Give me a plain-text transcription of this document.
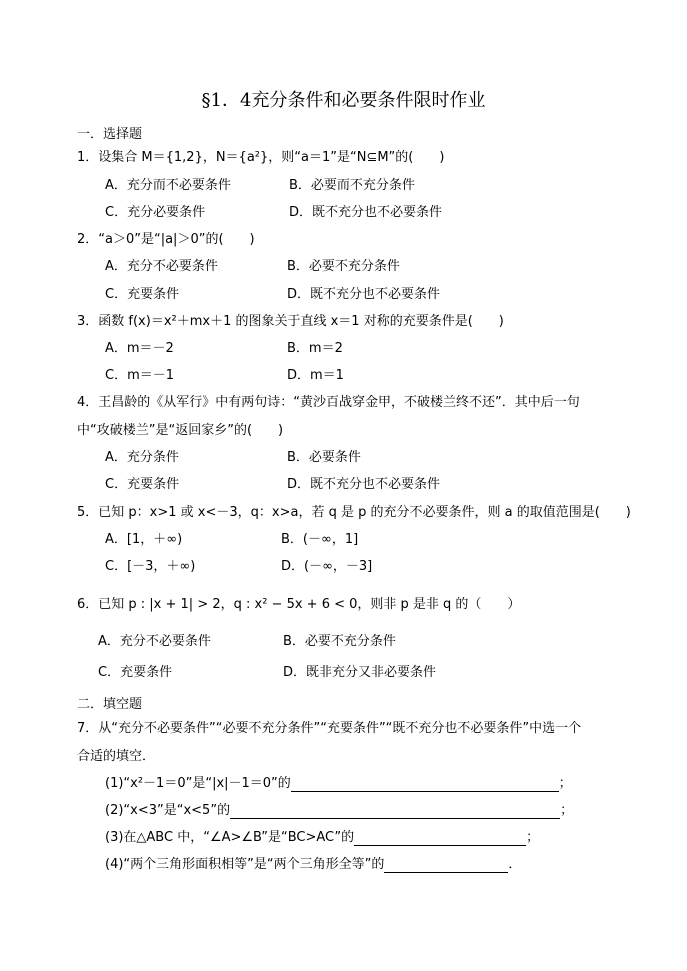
§1．4充分条件和必要条件限时作业
一．选择题
1．设集合 M＝{1,2}，N＝{a²}，则“a＝1”是“N⊆M”的(　　)
A．充分而不必要条件	B．必要而不充分条件
C．充分必要条件	D．既不充分也不必要条件
2．“a＞0”是“|a|＞0”的(　　)
A．充分不必要条件	B．必要不充分条件
C．充要条件	D．既不充分也不必要条件
3．函数 f(x)＝x²＋mx＋1 的图象关于直线 x＝1 对称的充要条件是(　　)
A．m＝－2	B．m＝2
C．m＝－1	D．m＝1
4．王昌龄的《从军行》中有两句诗：“黄沙百战穿金甲，不破楼兰终不还”．其中后一句
中“攻破楼兰”是“返回家乡”的(　　)
A．充分条件	B．必要条件
C．充要条件	D．既不充分也不必要条件
5．已知 p：x>1 或 x<－3，q：x>a，若 q 是 p 的充分不必要条件，则 a 的取值范围是(　　)
A．[1，＋∞)	B．(－∞，1]
C．[－3，＋∞)	D．(－∞，－3]
6．已知 p : |x + 1| > 2，q : x² − 5x + 6 < 0，则非 p 是非 q 的（　　）
A．充分不必要条件	B．必要不充分条件
C．充要条件	D．既非充分又非必要条件
二．填空题
7．从“充分不必要条件”“必要不充分条件”“充要条件”“既不充分也不必要条件”中选一个
合适的填空．
(1)“x²－1＝0”是“|x|－1＝0”的	；
(2)“x<3”是“x<5”的	；
(3)在△ABC 中，“∠A>∠B”是“BC>AC”的	；
(4)“两个三角形面积相等”是“两个三角形全等”的	．
